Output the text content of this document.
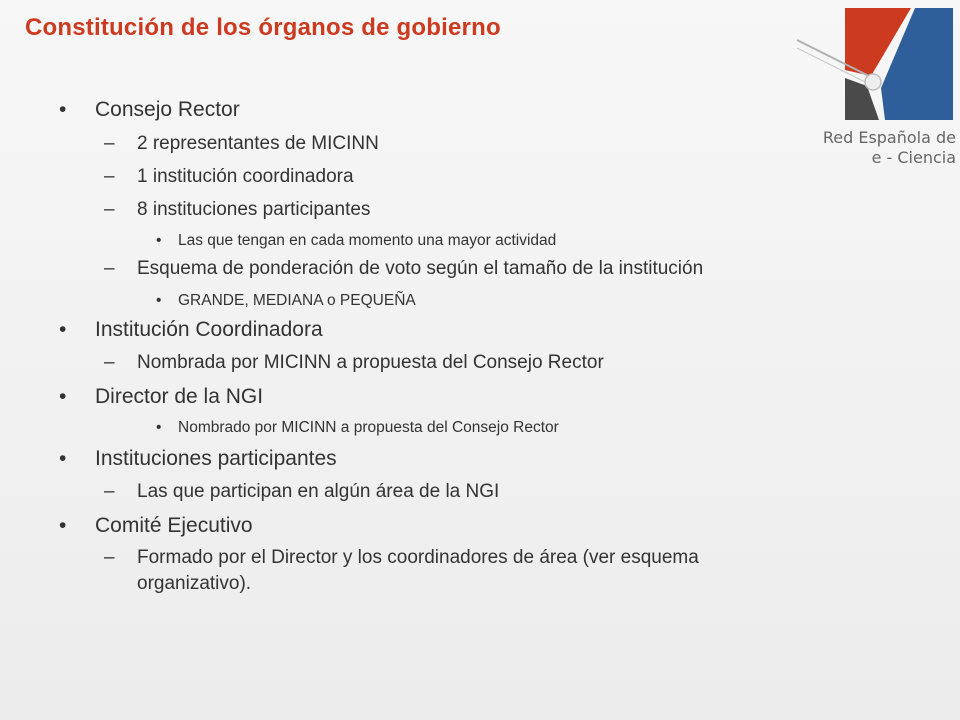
Constitución de los órganos de gobierno
Red Española de
e - Ciencia
Consejo Rector
•
2 representantes de MICINN
–
1 institución coordinadora
–
8 instituciones participantes
–
Las que tengan en cada momento una mayor actividad
•
Esquema de ponderación de voto según el tamaño de la institución
–
GRANDE, MEDIANA o PEQUEÑA
•
Institución Coordinadora
•
Nombrada por MICINN a propuesta del Consejo Rector
–
Director de la NGI
•
Nombrado por MICINN a propuesta del Consejo Rector
•
Instituciones participantes
•
Las que participan en algún área de la NGI
–
Comité Ejecutivo
•
Formado por el Director y los coordinadores de área (ver esquema
–
organizativo).
